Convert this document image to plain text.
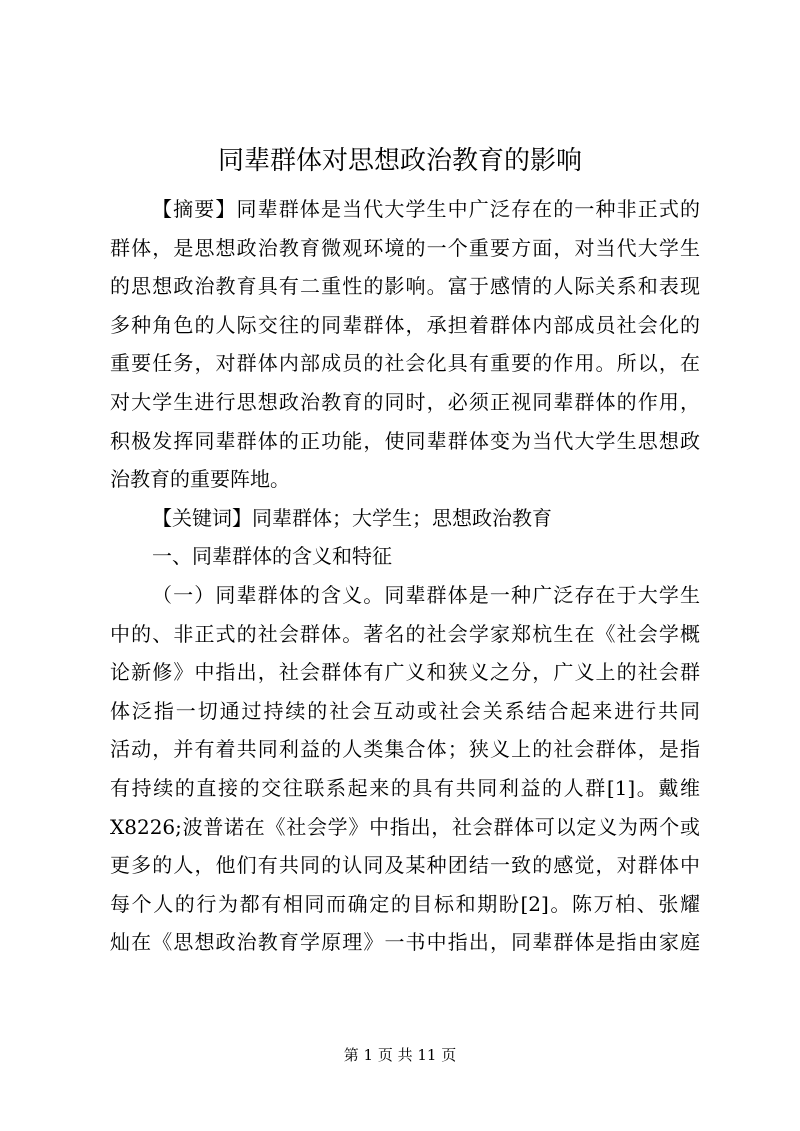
同辈群体对思想政治教育的影响
【摘要】同辈群体是当代大学生中广泛存在的一种非正式的
群体，是思想政治教育微观环境的一个重要方面，对当代大学生
的思想政治教育具有二重性的影响。富于感情的人际关系和表现
多种角色的人际交往的同辈群体，承担着群体内部成员社会化的
重要任务，对群体内部成员的社会化具有重要的作用。所以，在
对大学生进行思想政治教育的同时，必须正视同辈群体的作用，
积极发挥同辈群体的正功能，使同辈群体变为当代大学生思想政
治教育的重要阵地。
【关键词】同辈群体；大学生；思想政治教育
一、同辈群体的含义和特征
（一）同辈群体的含义。同辈群体是一种广泛存在于大学生
中的、非正式的社会群体。著名的社会学家郑杭生在《社会学概
论新修》中指出，社会群体有广义和狭义之分，广义上的社会群
体泛指一切通过持续的社会互动或社会关系结合起来进行共同
活动，并有着共同利益的人类集合体；狭义上的社会群体，是指
有持续的直接的交往联系起来的具有共同利益的人群[1]。戴维
X8226;波普诺在《社会学》中指出，社会群体可以定义为两个或
更多的人，他们有共同的认同及某种团结一致的感觉，对群体中
每个人的行为都有相同而确定的目标和期盼[2]。陈万柏、张耀
灿在《思想政治教育学原理》一书中指出，同辈群体是指由家庭
第 1 页 共 11 页
